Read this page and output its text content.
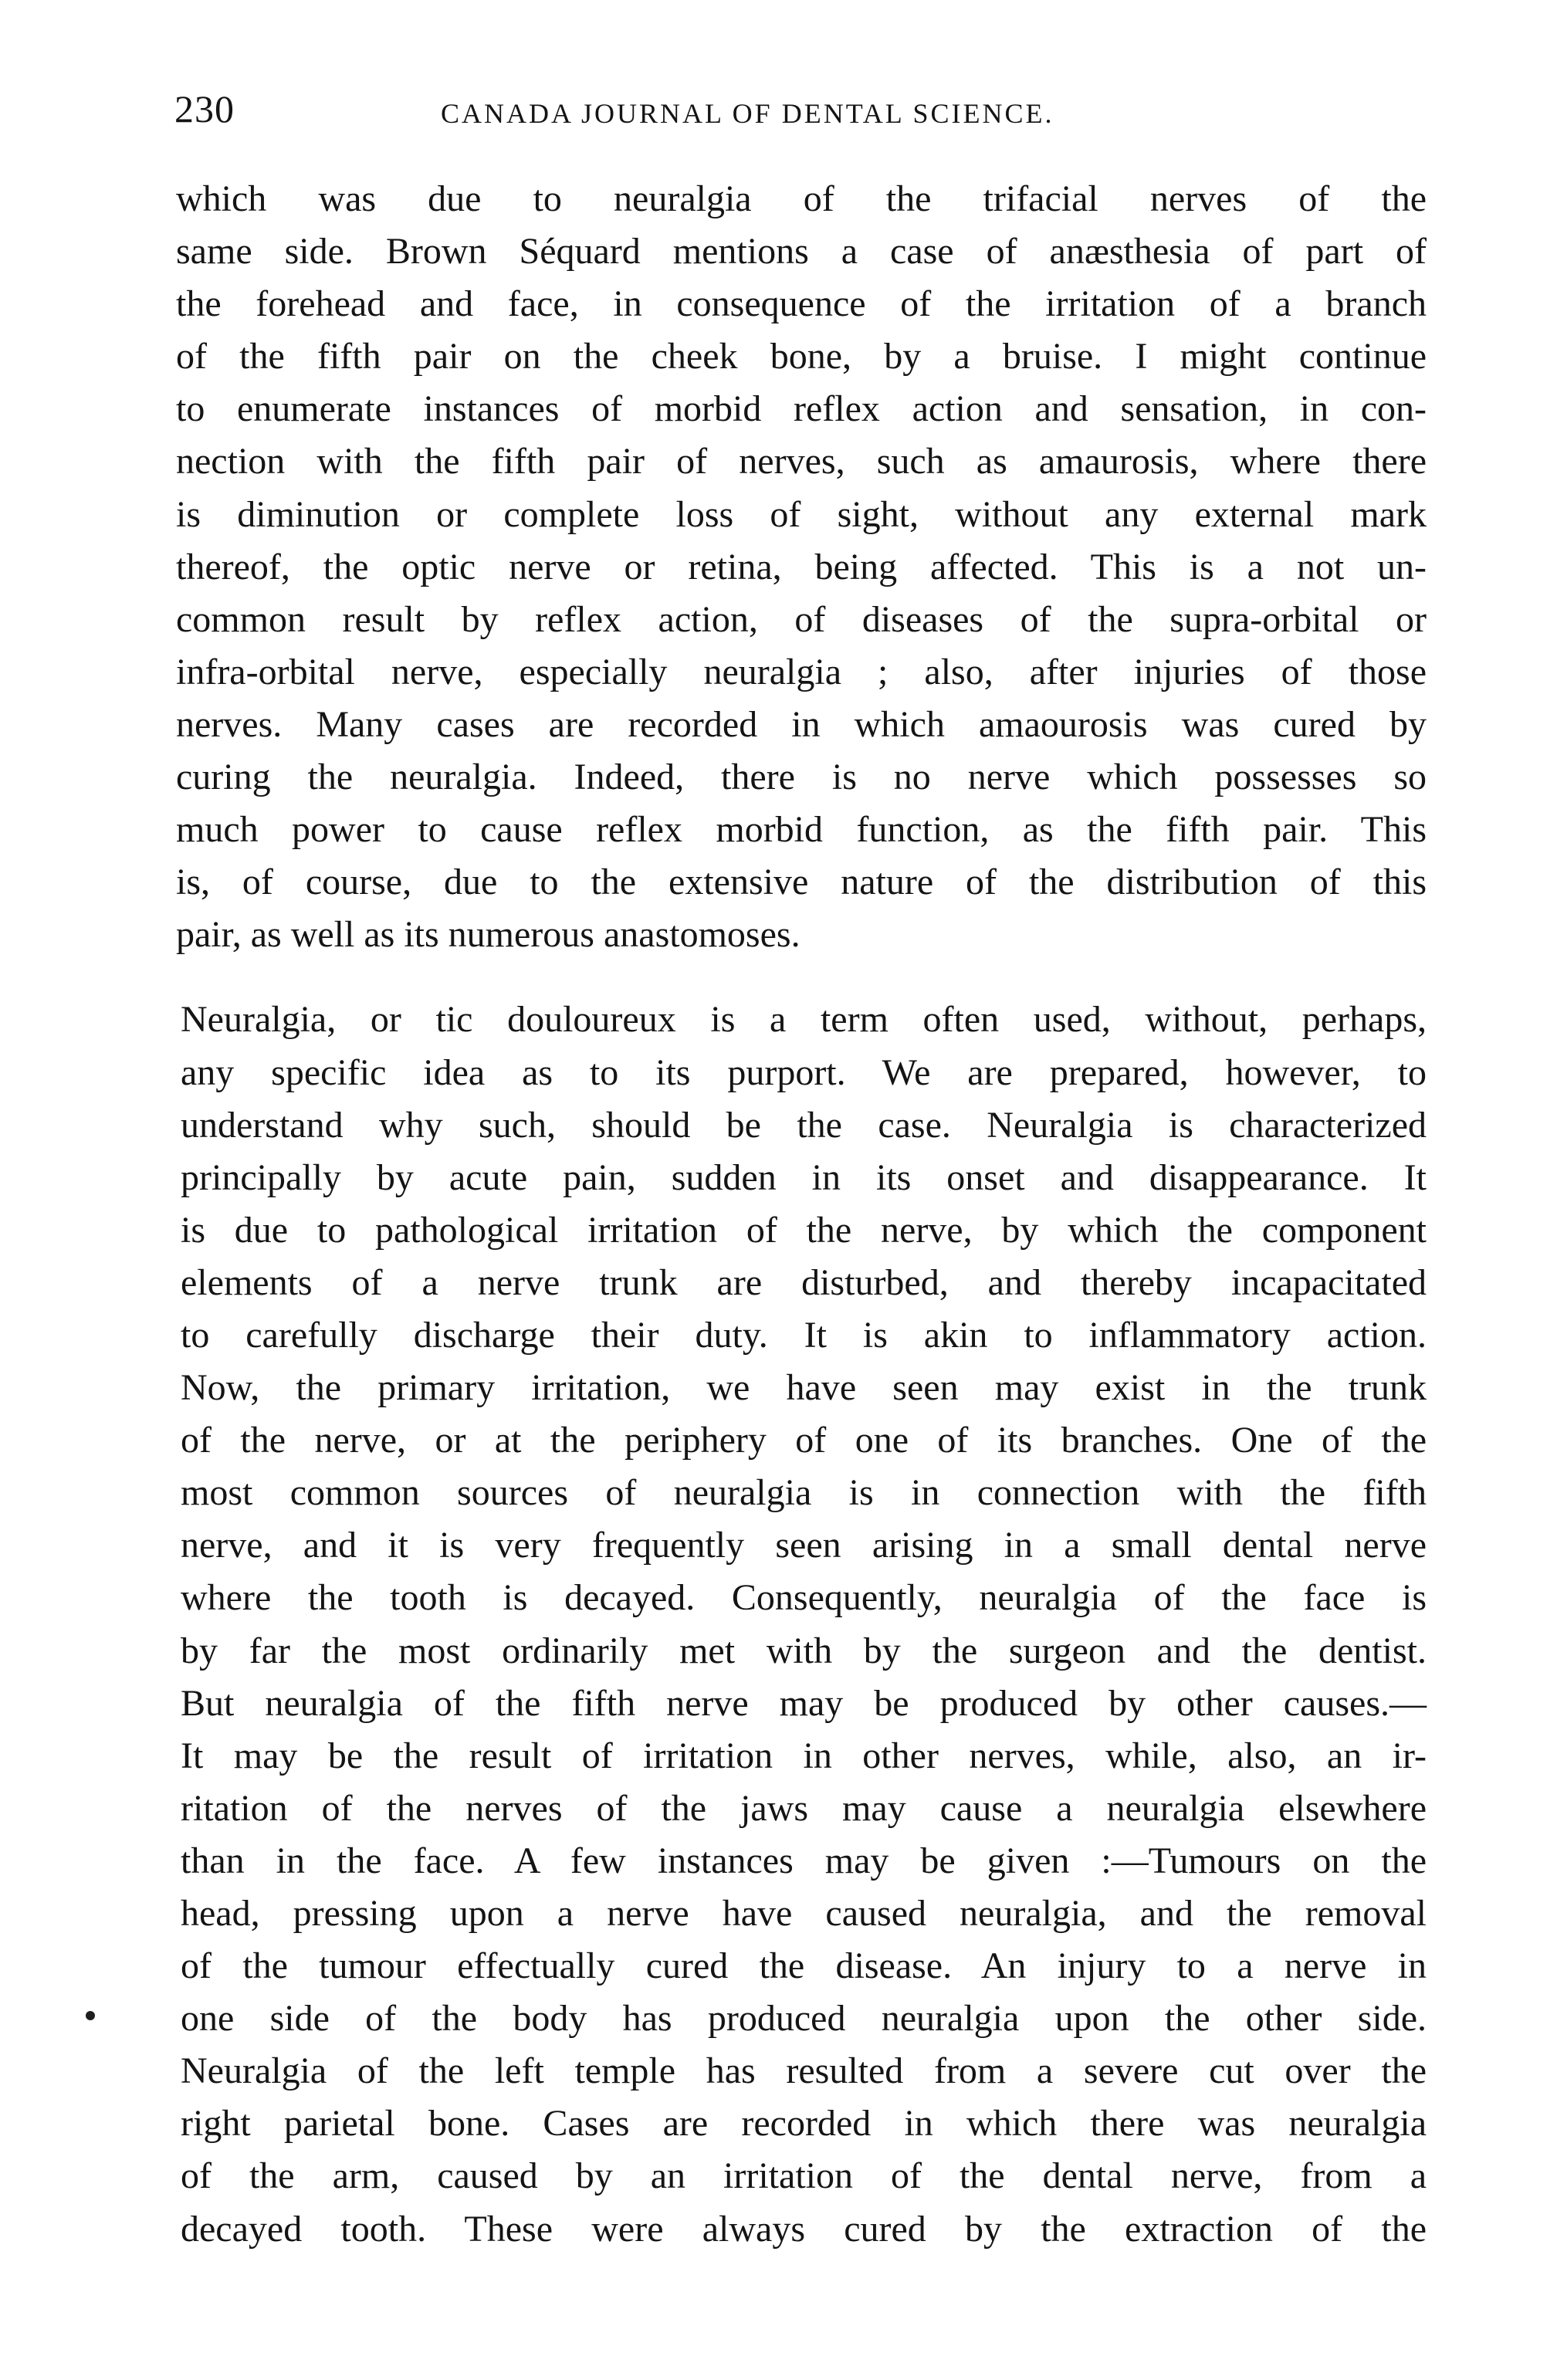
230	CANADA JOURNAL OF DENTAL SCIENCE.

which was due to neuralgia of the trifacial nerves of the
same side. Brown Séquard mentions a case of anæsthesia of part of
the forehead and face, in consequence of the irritation of a branch
of the fifth pair on the cheek bone, by a bruise. I might continue
to enumerate instances of morbid reflex action and sensation, in con-
nection with the fifth pair of nerves, such as amaurosis, where there
is diminution or complete loss of sight, without any external mark
thereof, the optic nerve or retina, being affected. This is a not un-
common result by reflex action, of diseases of the supra-orbital or
infra-orbital nerve, especially neuralgia ; also, after injuries of those
nerves. Many cases are recorded in which amaourosis was cured by
curing the neuralgia. Indeed, there is no nerve which possesses so
much power to cause reflex morbid function, as the fifth pair. This
is, of course, due to the extensive nature of the distribution of this
pair, as well as its numerous anastomoses.

Neuralgia, or tic douloureux is a term often used, without, perhaps,
any specific idea as to its purport. We are prepared, however, to
understand why such, should be the case. Neuralgia is characterized
principally by acute pain, sudden in its onset and disappearance. It
is due to pathological irritation of the nerve, by which the component
elements of a nerve trunk are disturbed, and thereby incapacitated
to carefully discharge their duty. It is akin to inflammatory action.
Now, the primary irritation, we have seen may exist in the trunk
of the nerve, or at the periphery of one of its branches. One of the
most common sources of neuralgia is in connection with the fifth
nerve, and it is very frequently seen arising in a small dental nerve
where the tooth is decayed. Consequently, neuralgia of the face is
by far the most ordinarily met with by the surgeon and the dentist.
But neuralgia of the fifth nerve may be produced by other causes.—
It may be the result of irritation in other nerves, while, also, an ir-
ritation of the nerves of the jaws may cause a neuralgia elsewhere
than in the face. A few instances may be given :—Tumours on the
head, pressing upon a nerve have caused neuralgia, and the removal
of the tumour effectually cured the disease. An injury to a nerve in
one side of the body has produced neuralgia upon the other side.
Neuralgia of the left temple has resulted from a severe cut over the
right parietal bone. Cases are recorded in which there was neuralgia
of the arm, caused by an irritation of the dental nerve, from a
decayed tooth. These were always cured by the extraction of the
